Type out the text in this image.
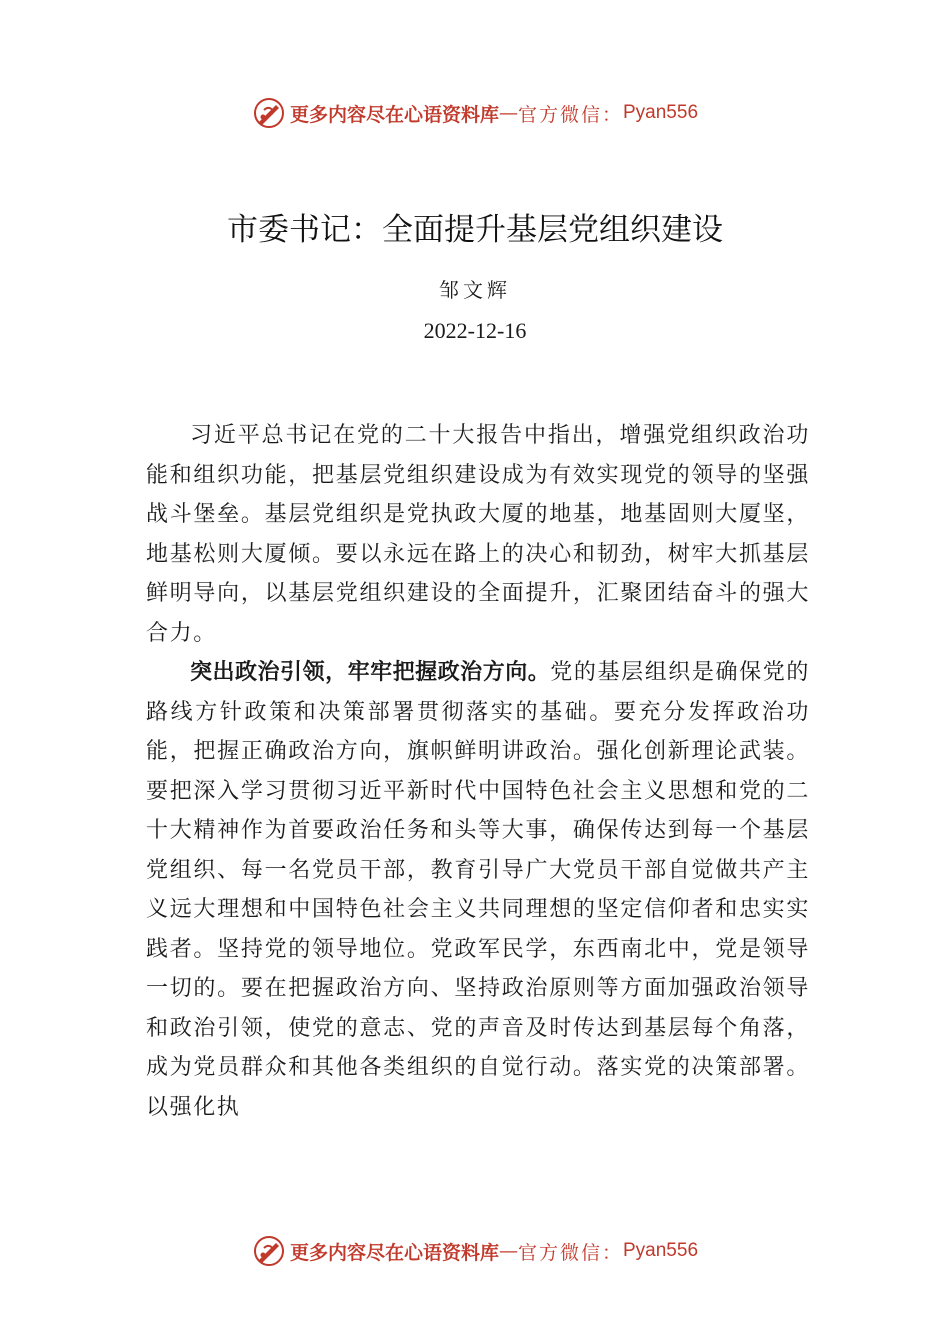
更多内容尽在心语资料库 — 官方微信： Pyan556
市委书记：全面提升基层党组织建设
邹文辉
2022-12-16

习近平总书记在党的二十大报告中指出，增强党组织政治功能和组织功能，把基层党组织建设成为有效实现党的领导的坚强战斗堡垒。基层党组织是党执政大厦的地基，地基固则大厦坚，地基松则大厦倾。要以永远在路上的决心和韧劲，树牢大抓基层鲜明导向，以基层党组织建设的全面提升，汇聚团结奋斗的强大合力。

突出政治引领，牢牢把握政治方向。党的基层组织是确保党的路线方针政策和决策部署贯彻落实的基础。要充分发挥政治功能，把握正确政治方向，旗帜鲜明讲政治。强化创新理论武装。要把深入学习贯彻习近平新时代中国特色社会主义思想和党的二十大精神作为首要政治任务和头等大事，确保传达到每一个基层党组织、每一名党员干部，教育引导广大党员干部自觉做共产主义远大理想和中国特色社会主义共同理想的坚定信仰者和忠实实践者。坚持党的领导地位。党政军民学，东西南北中，党是领导一切的。要在把握政治方向、坚持政治原则等方面加强政治领导和政治引领，使党的意志、党的声音及时传达到基层每个角落，成为党员群众和其他各类组织的自觉行动。落实党的决策部署。以强化执

更多内容尽在心语资料库 — 官方微信： Pyan556
